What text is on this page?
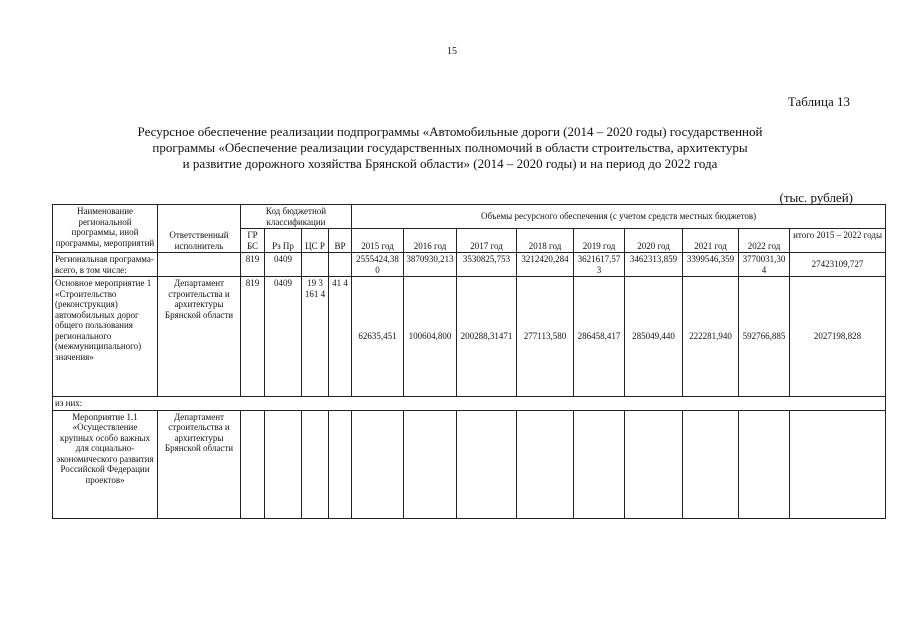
15
Таблица 13
Ресурсное обеспечение реализации подпрограммы «Автомобильные дороги (2014 – 2020 годы) государственной
программы «Обеспечение реализации государственных полномочий в области строительства, архитектуры
и развитие дорожного хозяйства Брянской области» (2014 – 2020 годы) и на период до 2022 года
(тыс. рублей)
Наименование региональной программы, иной программы, мероприятий	Ответственный исполнитель	Код бюджетной классификации				Объемы ресурсного обеспечения (с учетом средств местных бюджетов)								
		ГР БС	Рз Пр	ЦС Р	ВР	2015 год	2016 год	2017 год	2018 год	2019 год	2020 год	2021 год	2022 год	итого 2015 – 2022 годы

Региональная программа- всего, в том числе:		819	0409			2555424,380	3870930,213	3530825,753	3212420,284	3621617,573	3462313,859	3399546,359	3770031,304	27423109,727
Основное мероприятие 1 «Строительство (реконструкция) автомобильных дорог общего пользования регионального (межмуниципального) значения»	Департамент строительства и архитектуры Брянской области	819	0409	19 3 161 4	41 4	62635,451	100604,800	200288,31471	277113,580	286458,417	285049,440	222281,940	592766,885	2027198,828
из них:														
Мероприятие 1.1 «Осуществление крупных особо важных для социально-экономического развития Российской Федерации проектов»	Департамент строительства и архитектуры Брянской области													
